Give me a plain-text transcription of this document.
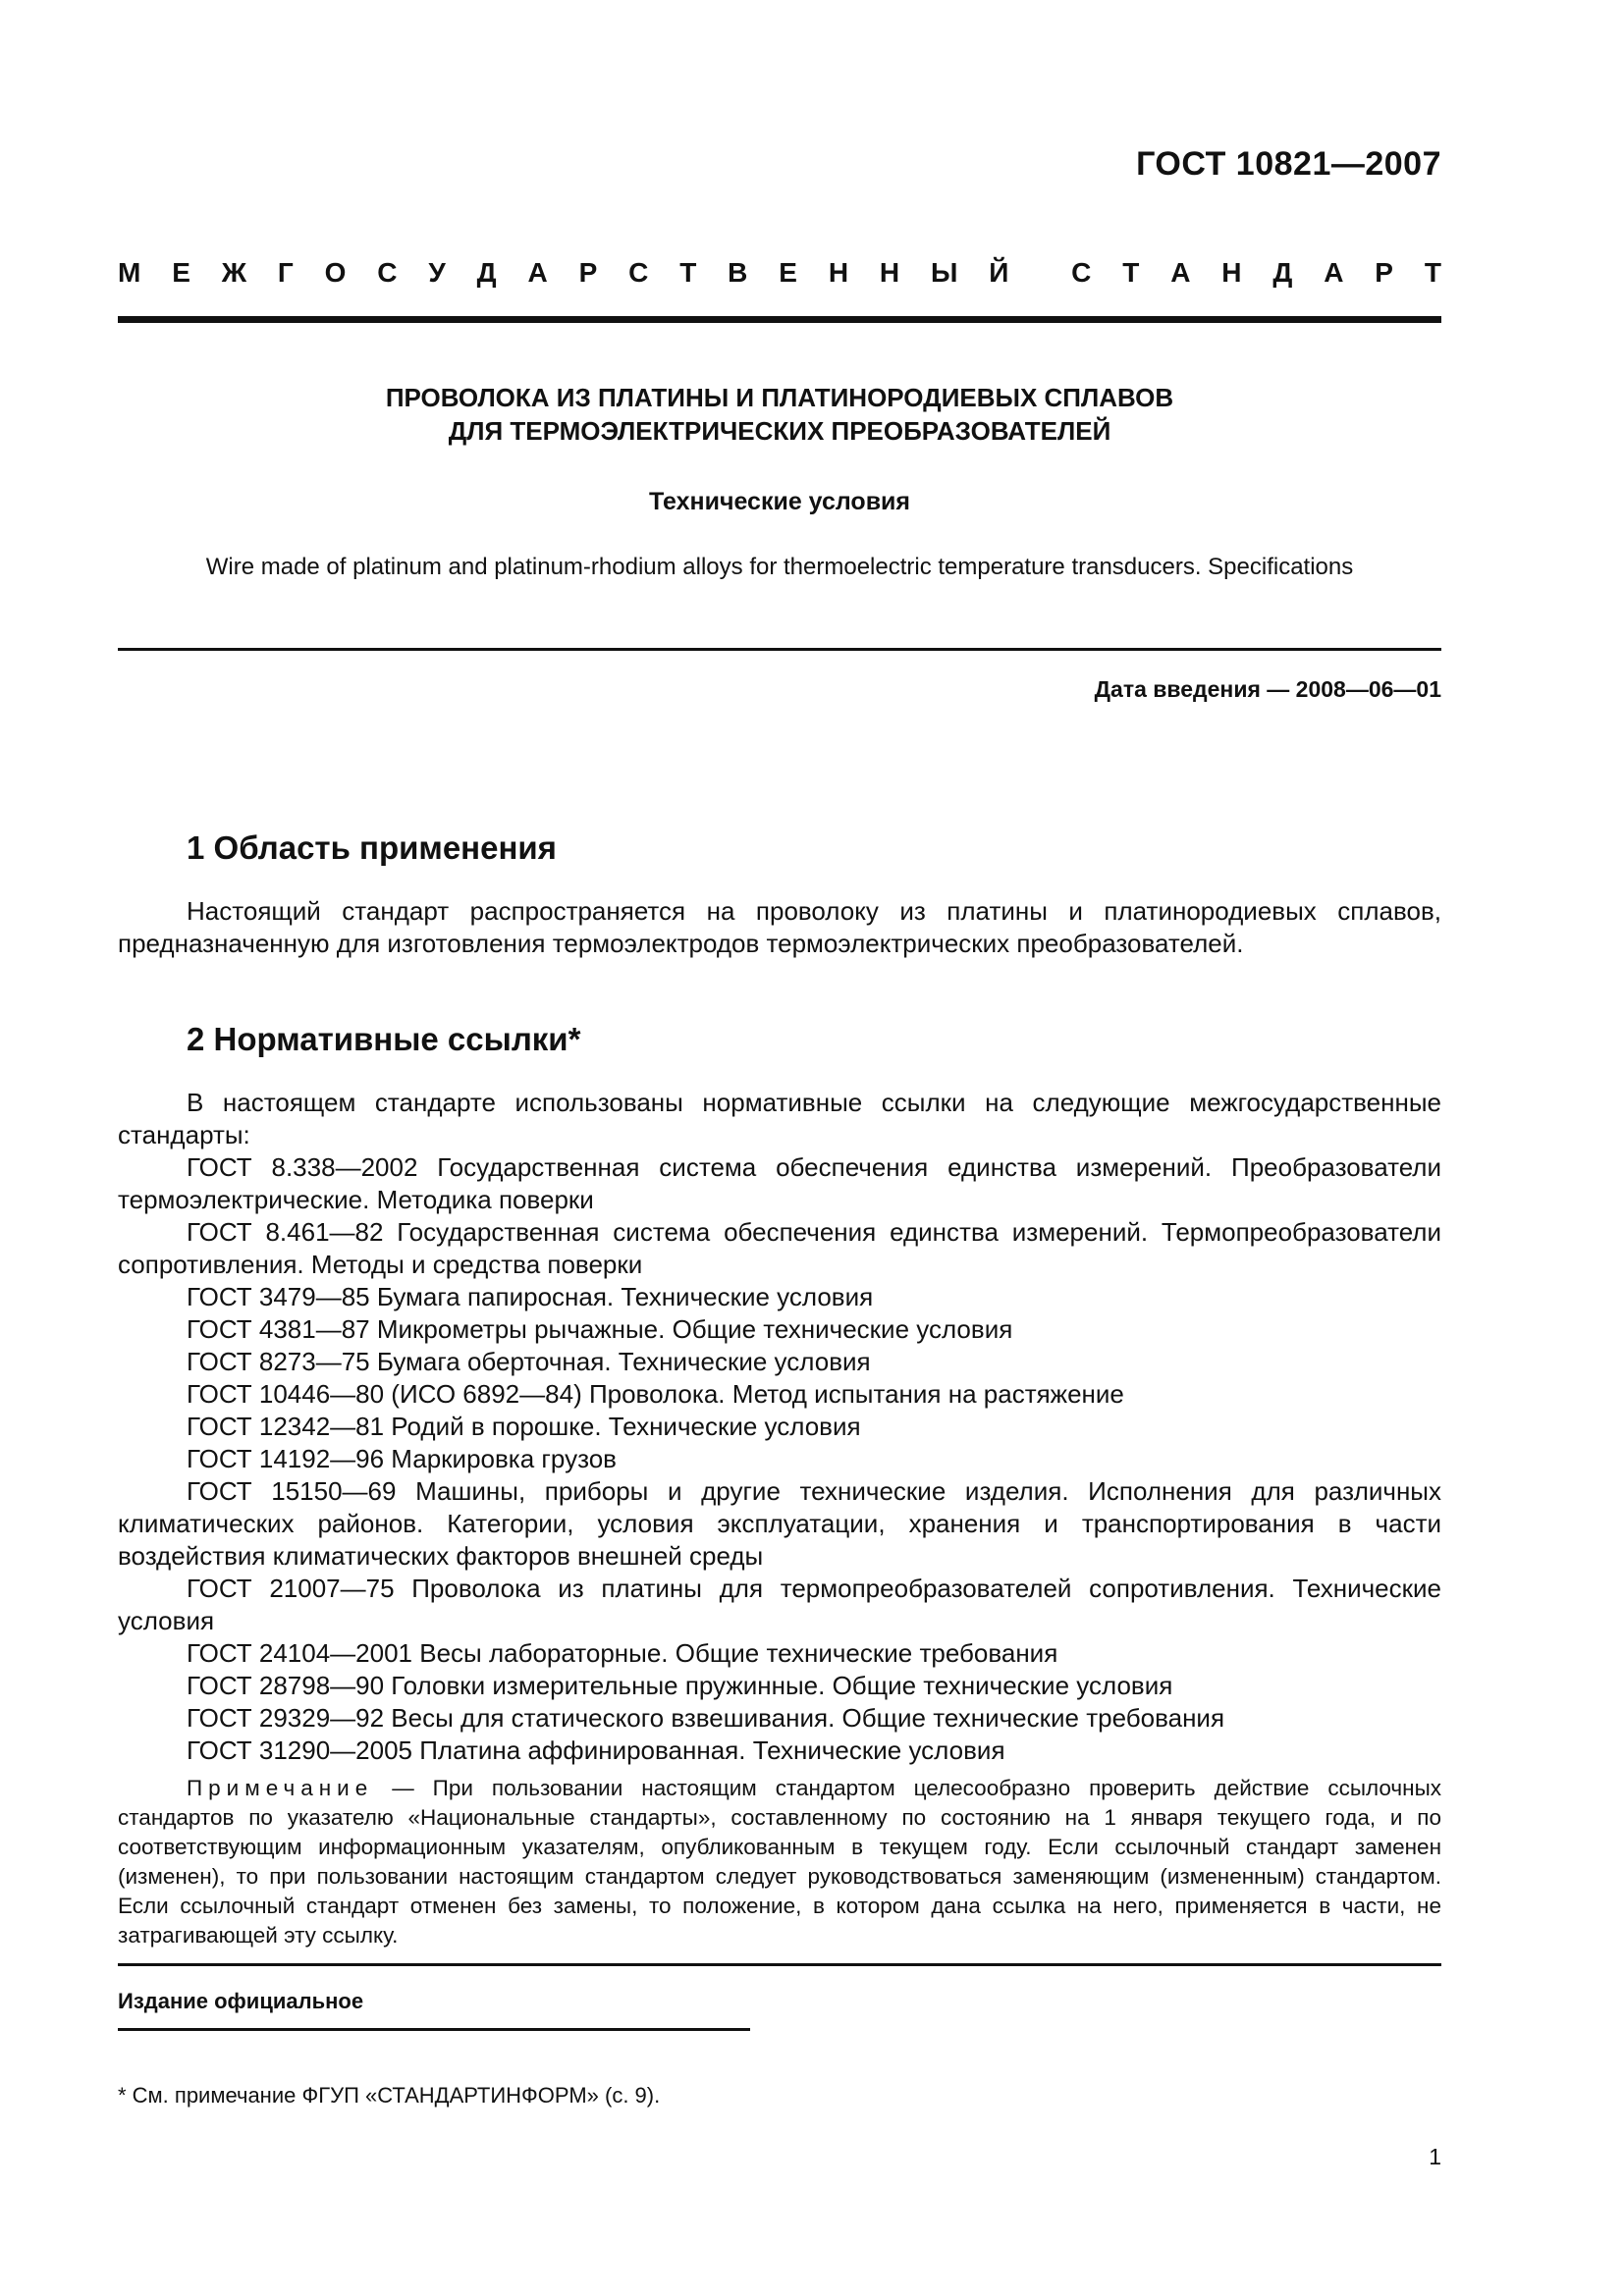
ГОСТ 10821—2007
М Е Ж Г О С У Д А Р С Т В Е Н Н Ы Й С Т А Н Д А Р Т
ПРОВОЛОКА ИЗ ПЛАТИНЫ И ПЛАТИНОРОДИЕВЫХ СПЛАВОВ
ДЛЯ ТЕРМОЭЛЕКТРИЧЕСКИХ ПРЕОБРАЗОВАТЕЛЕЙ
Технические условия
Wire made of platinum and platinum-rhodium alloys for thermoelectric temperature transducers. Specifications
Дата введения — 2008—06—01
1 Область применения

Настоящий стандарт распространяется на проволоку из платины и платинородиевых сплавов, предназначенную для изготовления термоэлектродов термоэлектрических преобразователей.

2 Нормативные ссылки*

В настоящем стандарте использованы нормативные ссылки на следующие межгосударственные стандарты:

ГОСТ 8.338—2002 Государственная система обеспечения единства измерений. Преобразователи термоэлектрические. Методика поверки

ГОСТ 8.461—82 Государственная система обеспечения единства измерений. Термопреобразователи сопротивления. Методы и средства поверки

ГОСТ 3479—85 Бумага папиросная. Технические условия

ГОСТ 4381—87 Микрометры рычажные. Общие технические условия

ГОСТ 8273—75 Бумага оберточная. Технические условия

ГОСТ 10446—80 (ИСО 6892—84) Проволока. Метод испытания на растяжение

ГОСТ 12342—81 Родий в порошке. Технические условия

ГОСТ 14192—96 Маркировка грузов

ГОСТ 15150—69 Машины, приборы и другие технические изделия. Исполнения для различных климатических районов. Категории, условия эксплуатации, хранения и транспортирования в части воздействия климатических факторов внешней среды

ГОСТ 21007—75 Проволока из платины для термопреобразователей сопротивления. Технические условия

ГОСТ 24104—2001 Весы лабораторные. Общие технические требования

ГОСТ 28798—90 Головки измерительные пружинные. Общие технические условия

ГОСТ 29329—92 Весы для статического взвешивания. Общие технические требования

ГОСТ 31290—2005 Платина аффинированная. Технические условия

Примечание — При пользовании настоящим стандартом целесообразно проверить действие ссылочных стандартов по указателю «Национальные стандарты», составленному по состоянию на 1 января текущего года, и по соответствующим информационным указателям, опубликованным в текущем году. Если ссылочный стандарт заменен (изменен), то при пользовании настоящим стандартом следует руководствоваться заменяющим (измененным) стандартом. Если ссылочный стандарт отменен без замены, то положение, в котором дана ссылка на него, применяется в части, не затрагивающей эту ссылку.
Издание официальное
* См. примечание ФГУП «СТАНДАРТИНФОРМ» (с. 9).
1
